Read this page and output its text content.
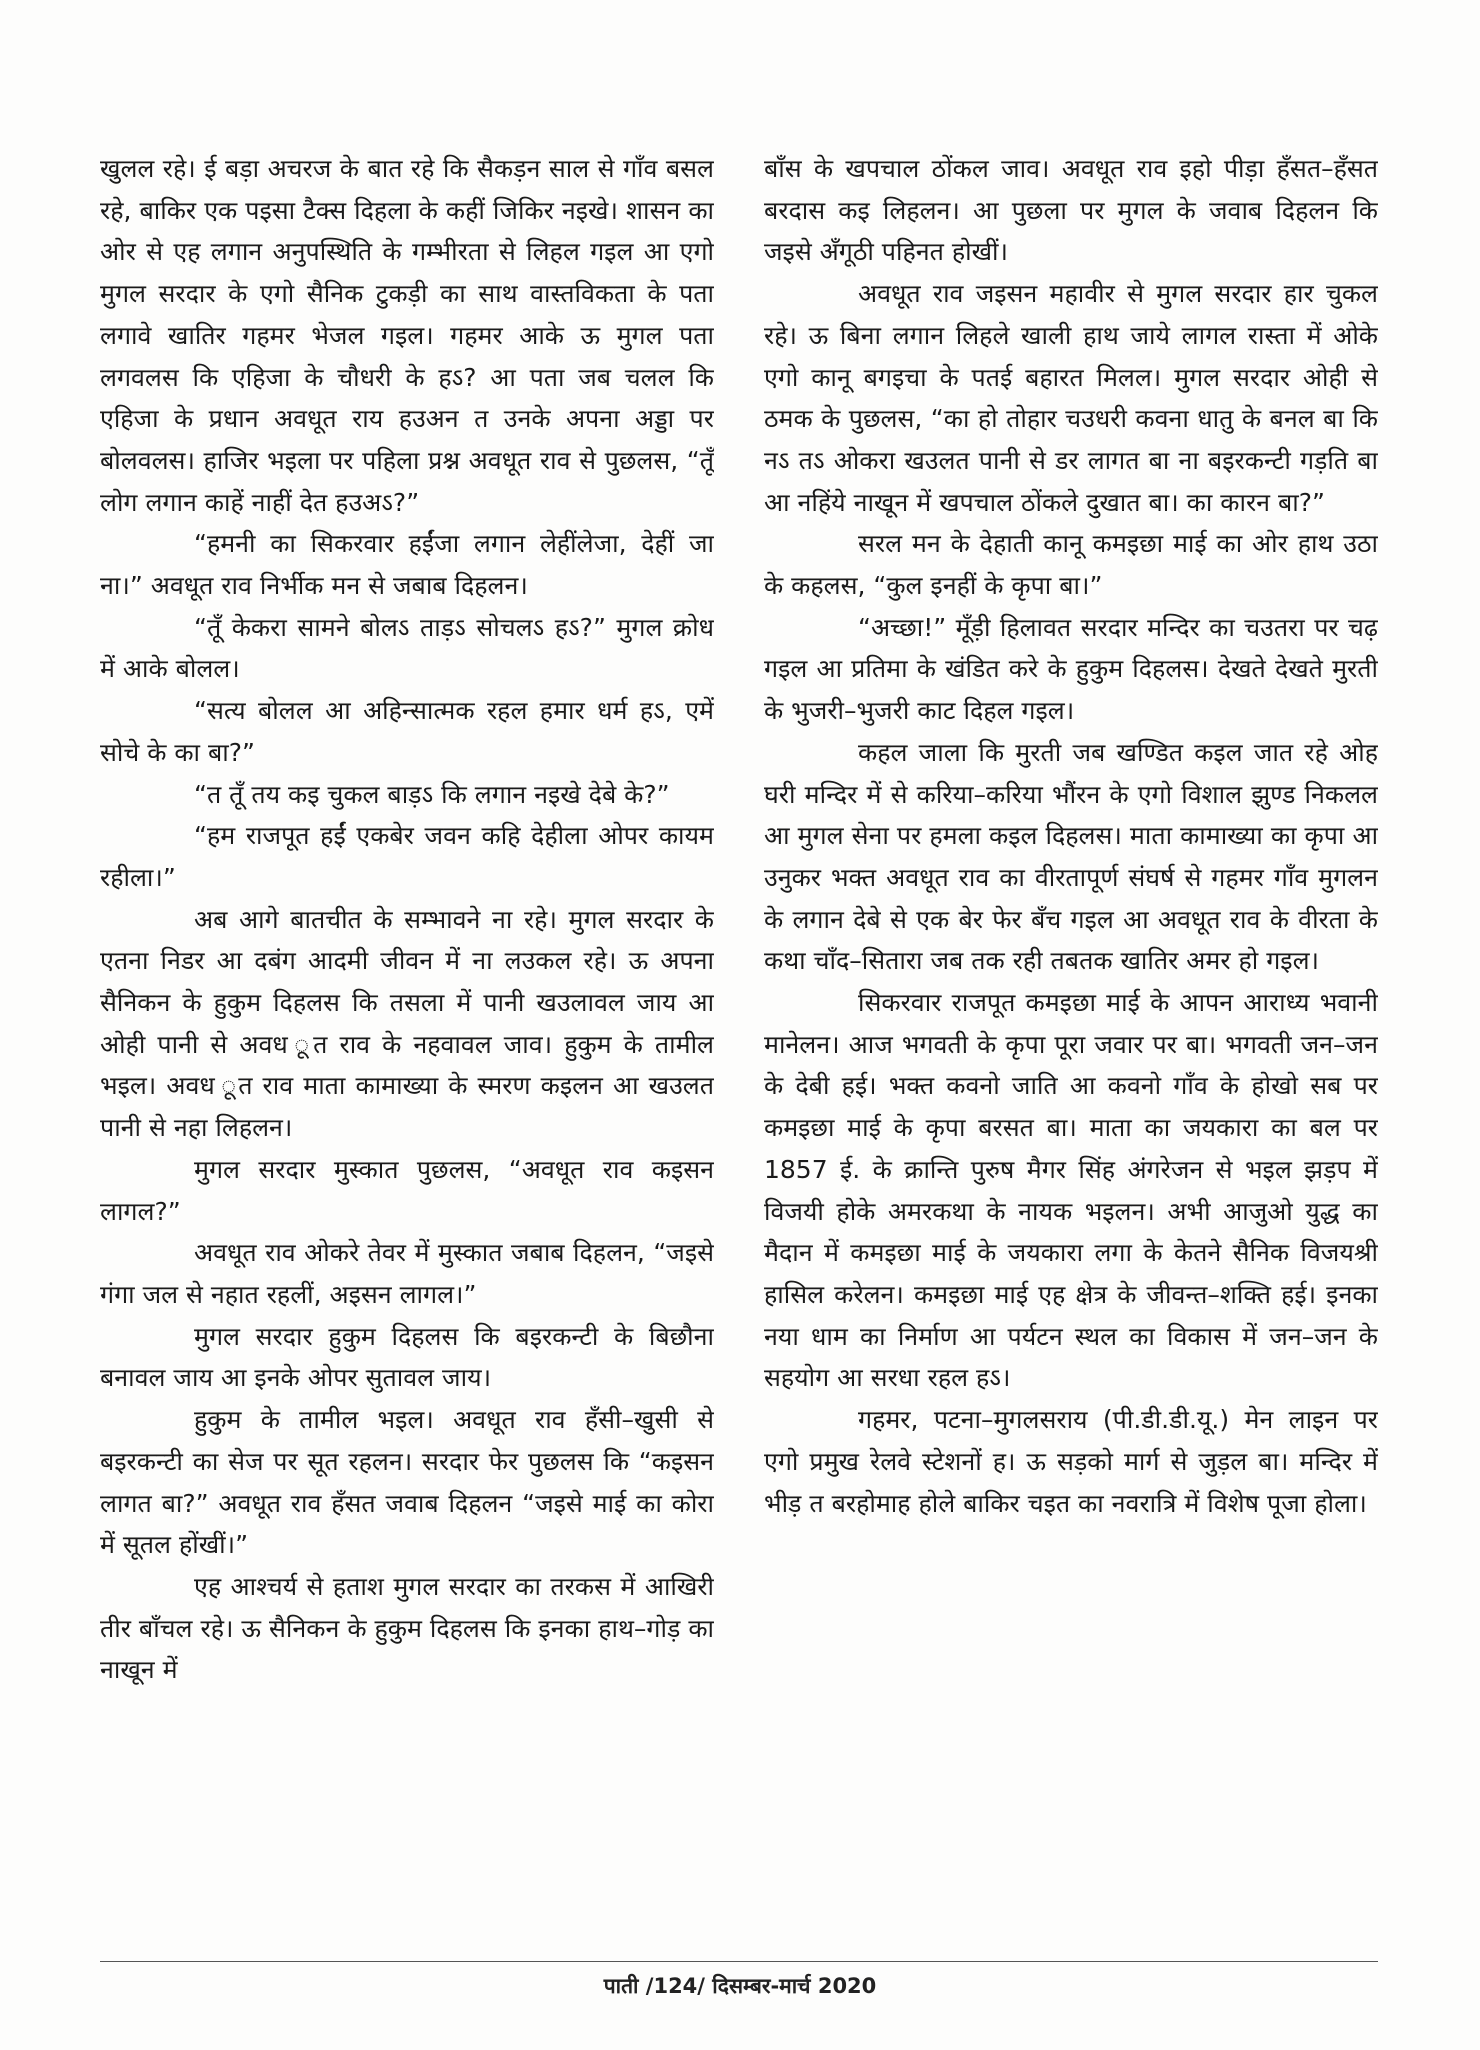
खुलल रहे। ई बड़ा अचरज के बात रहे कि सैकड़न साल से गाँव बसल रहे, बाकिर एक पइसा टैक्स दिहला के कहीं जिकिर नइखे। शासन का ओर से एह लगान अनुपस्थिति के गम्भीरता से लिहल गइल आ एगो मुगल सरदार के एगो सैनिक टुकड़ी का साथ वास्तविकता के पता लगावे खातिर गहमर भेजल गइल। गहमर आके ऊ मुगल पता लगवलस कि एहिजा के चौधरी के हऽ? आ पता जब चलल कि एहिजा के प्रधान अवधूत राय हउअन त उनके अपना अड्डा पर बोलवलस। हाजिर भइला पर पहिला प्रश्न अवधूत राव से पुछलस, “तूँ लोग लगान काहें नाहीं देत हउअऽ?”

“हमनी का सिकरवार हईंजा लगान लेहींलेजा, देहीं जा ना।” अवधूत राव निर्भीक मन से जबाब दिहलन।

“तूँ केकरा सामने बोलऽ ताड़ऽ सोचलऽ हऽ?” मुगल क्रोध में आके बोलल।

“सत्य बोलल आ अहिन्सात्मक रहल हमार धर्म हऽ, एमें सोचे के का बा?”

“त तूँ तय कइ चुकल बाड़ऽ कि लगान नइखे देबे के?”

“हम राजपूत हईं एकबेर जवन कहि देहीला ओपर कायम रहीला।”

अब आगे बातचीत के सम्भावने ना रहे। मुगल सरदार के एतना निडर आ दबंग आदमी जीवन में ना लउकल रहे। ऊ अपना सैनिकन के हुकुम दिहलस कि तसला में पानी खउलावल जाय आ ओही पानी से अवध ूत राव के नहवावल जाव। हुकुम के तामील भइल। अवध ूत राव माता कामाख्या के स्मरण कइलन आ खउलत पानी से नहा लिहलन।

मुगल सरदार मुस्कात पुछलस, “अवधूत राव कइसन लागल?”

अवधूत राव ओकरे तेवर में मुस्कात जबाब दिहलन, “जइसे गंगा जल से नहात रहलीं, अइसन लागल।”

मुगल सरदार हुकुम दिहलस कि बइरकन्टी के बिछौना बनावल जाय आ इनके ओपर सुतावल जाय।

हुकुम के तामील भइल। अवधूत राव हँसी–खुसी से बइरकन्टी का सेज पर सूत रहलन। सरदार फेर पुछलस कि “कइसन लागत बा?” अवधूत राव हँसत जवाब दिहलन “जइसे माई का कोरा में सूतल होंखीं।”

एह आश्चर्य से हताश मुगल सरदार का तरकस में आखिरी तीर बाँचल रहे। ऊ सैनिकन के हुकुम दिहलस कि इनका हाथ–गोड़ का नाखून में

बाँस के खपचाल ठोंकल जाव। अवधूत राव इहो पीड़ा हँसत–हँसत बरदास कइ लिहलन। आ पुछला पर मुगल के जवाब दिहलन कि जइसे अँगूठी पहिनत होखीं।

अवधूत राव जइसन महावीर से मुगल सरदार हार चुकल रहे। ऊ बिना लगान लिहले खाली हाथ जाये लागल रास्ता में ओके एगो कानू बगइचा के पतई बहारत मिलल। मुगल सरदार ओही से ठमक के पुछलस, “का हो तोहार चउधरी कवना धातु के बनल बा कि नऽ तऽ ओकरा खउलत पानी से डर लागत बा ना बइरकन्टी गड़ति बा आ नहिंये नाखून में खपचाल ठोंकले दुखात बा। का कारन बा?”

सरल मन के देहाती कानू कमइछा माई का ओर हाथ उठा के कहलस, “कुल इनहीं के कृपा बा।”

“अच्छा!” मूँड़ी हिलावत सरदार मन्दिर का चउतरा पर चढ़ गइल आ प्रतिमा के खंडित करे के हुकुम दिहलस। देखते देखते मुरती के भुजरी–भुजरी काट दिहल गइल।

कहल जाला कि मुरती जब खण्डित कइल जात रहे ओह घरी मन्दिर में से करिया–करिया भौंरन के एगो विशाल झुण्ड निकलल आ मुगल सेना पर हमला कइल दिहलस। माता कामाख्या का कृपा आ उनुकर भक्त अवधूत राव का वीरतापूर्ण संघर्ष से गहमर गाँव मुगलन के लगान देबे से एक बेर फेर बँच गइल आ अवधूत राव के वीरता के कथा चाँद–सितारा जब तक रही तबतक खातिर अमर हो गइल।

सिकरवार राजपूत कमइछा माई के आपन आराध्य भवानी मानेलन। आज भगवती के कृपा पूरा जवार पर बा। भगवती जन–जन के देबी हई। भक्त कवनो जाति आ कवनो गाँव के होखो सब पर कमइछा माई के कृपा बरसत बा। माता का जयकारा का बल पर 1857 ई. के क्रान्ति पुरुष मैगर सिंह अंगरेजन से भइल झड़प में विजयी होके अमरकथा के नायक भइलन। अभी आजुओ युद्ध का मैदान में कमइछा माई के जयकारा लगा के केतने सैनिक विजयश्री हासिल करेलन। कमइछा माई एह क्षेत्र के जीवन्त–शक्ति हई। इनका नया धाम का निर्माण आ पर्यटन स्थल का विकास में जन–जन के सहयोग आ सरधा रहल हऽ।

गहमर, पटना–मुगलसराय (पी.डी.डी.यू.) मेन लाइन पर एगो प्रमुख रेलवे स्टेशनों ह। ऊ सड़को मार्ग से जुड़ल बा। मन्दिर में भीड़ त बरहोमाह होले बाकिर चइत का नवरात्रि में विशेष पूजा होला।

पाती /124/ दिसम्बर-मार्च 2020
